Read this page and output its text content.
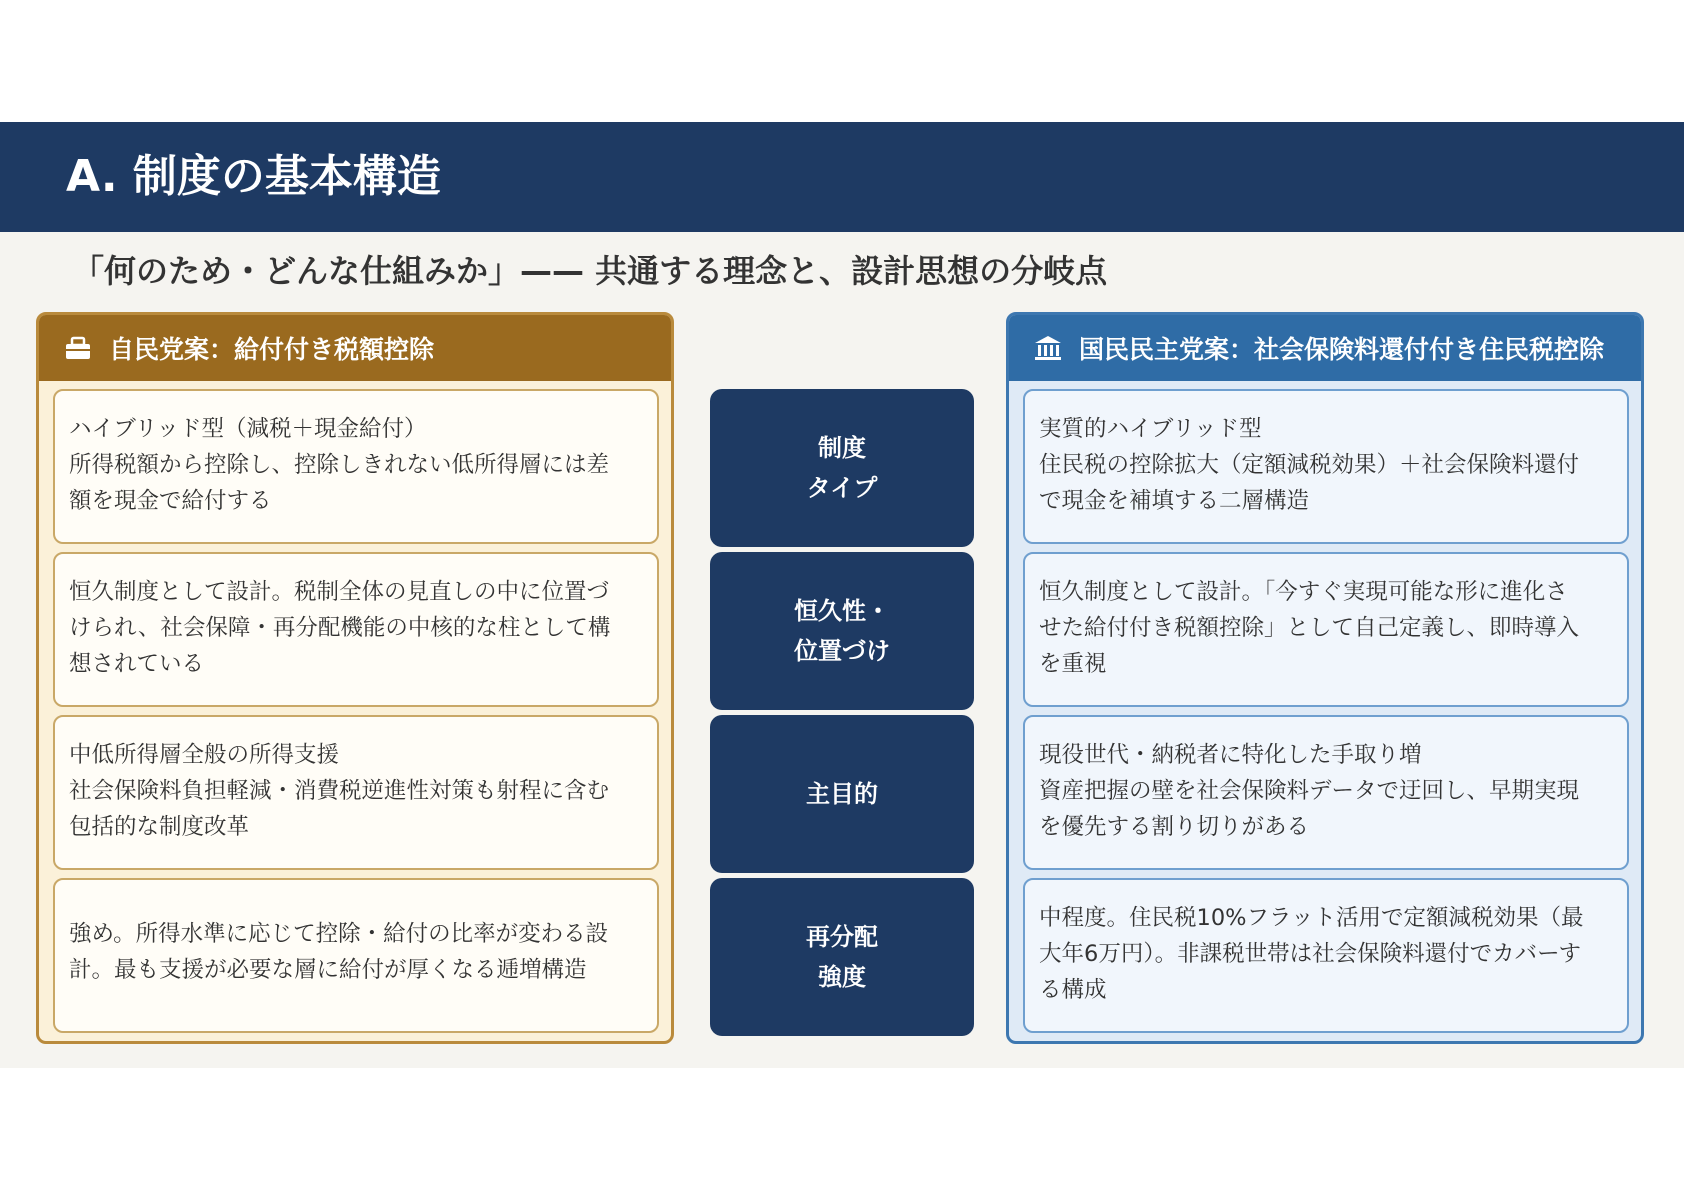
A. 制度の基本構造
「何のため・どんな仕組みか」—— 共通する理念と、設計思想の分岐点
自民党案：給付付き税額控除

ハイブリッド型（減税＋現金給付）

所得税額から控除し、控除しきれない低所得層には差

額を現金で給付する

恒久制度として設計。税制全体の見直しの中に位置づ

けられ、社会保障・再分配機能の中核的な柱として構

想されている

中低所得層全般の所得支援

社会保険料負担軽減・消費税逆進性対策も射程に含む

包括的な制度改革

強め。所得水準に応じて控除・給付の比率が変わる設

計。最も支援が必要な層に給付が厚くなる逓増構造

制度
タイプ
恒久性・
位置づけ
主目的
再分配
強度
国民民主党案：社会保険料還付付き住民税控除

実質的ハイブリッド型

住民税の控除拡大（定額減税効果）＋社会保険料還付

で現金を補填する二層構造

恒久制度として設計。「今すぐ実現可能な形に進化さ

せた給付付き税額控除」として自己定義し、即時導入

を重視

現役世代・納税者に特化した手取り増

資産把握の壁を社会保険料データで迂回し、早期実現

を優先する割り切りがある

中程度。住民税10%フラット活用で定額減税効果（最

大年6万円）。非課税世帯は社会保険料還付でカバーす

る構成
